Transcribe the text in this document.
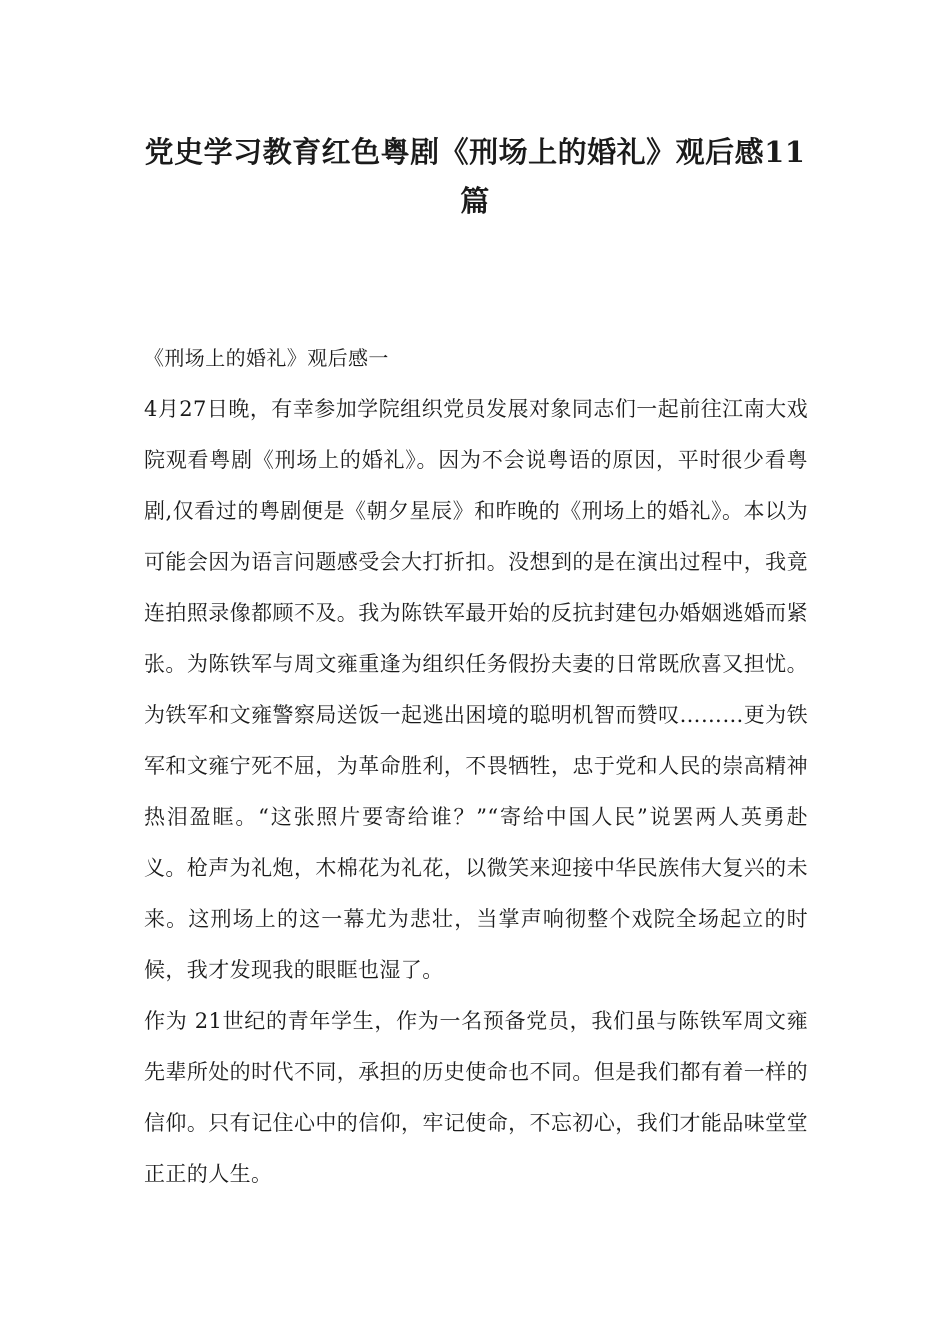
党史学习教育红色粤剧《刑场上的婚礼》观后感11篇

《刑场上的婚礼》观后感一

4月27日晚，有幸参加学院组织党员发展对象同志们一起前往江南大戏院观看粤剧《刑场上的婚礼》。因为不会说粤语的原因，平时很少看粤剧,仅看过的粤剧便是《朝夕星辰》和昨晚的《刑场上的婚礼》。本以为可能会因为语言问题感受会大打折扣。没想到的是在演出过程中，我竟连拍照录像都顾不及。我为陈铁军最开始的反抗封建包办婚姻逃婚而紧张。为陈铁军与周文雍重逢为组织任务假扮夫妻的日常既欣喜又担忧。为铁军和文雍警察局送饭一起逃出困境的聪明机智而赞叹………更为铁军和文雍宁死不屈，为革命胜利，不畏牺牲，忠于党和人民的崇高精神热泪盈眶。“这张照片要寄给谁？”“寄给中国人民”说罢两人英勇赴义。枪声为礼炮，木棉花为礼花，以微笑来迎接中华民族伟大复兴的未来。这刑场上的这一幕尤为悲壮，当掌声响彻整个戏院全场起立的时候，我才发现我的眼眶也湿了。

作为 21世纪的青年学生，作为一名预备党员，我们虽与陈铁军周文雍先辈所处的时代不同，承担的历史使命也不同。但是我们都有着一样的信仰。只有记住心中的信仰，牢记使命，不忘初心，我们才能品味堂堂正正的人生。
